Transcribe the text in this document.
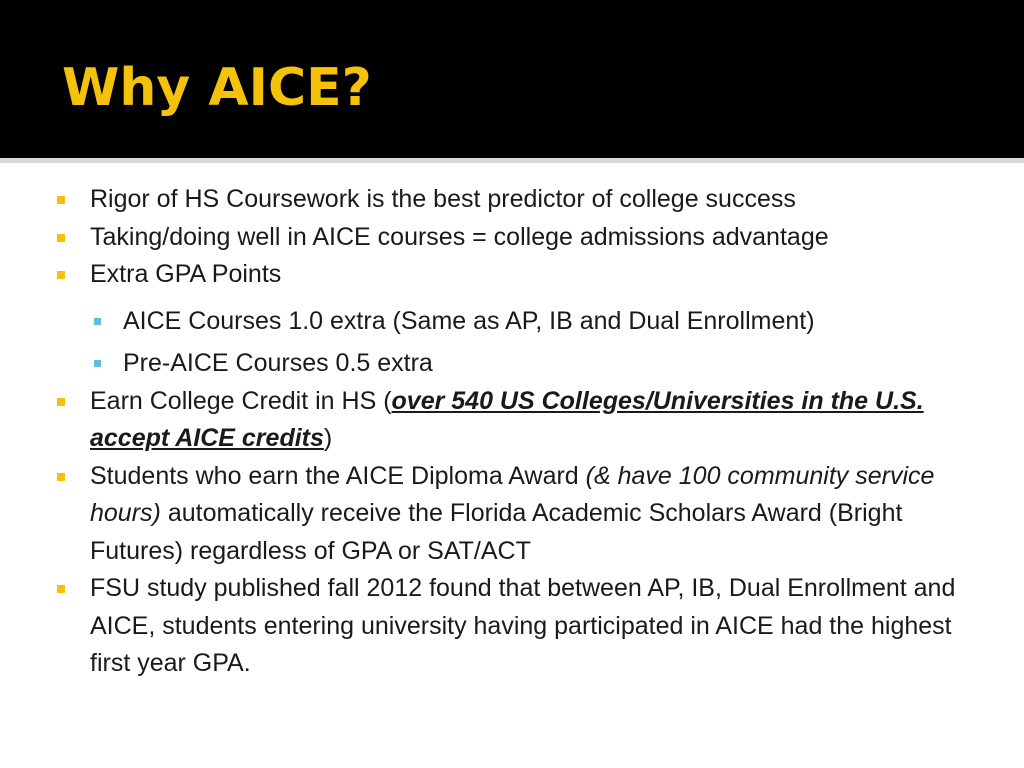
Why AICE?
Rigor of HS Coursework is the best predictor of college success
Taking/doing well in AICE courses = college admissions advantage
Extra GPA Points
AICE Courses 1.0 extra (Same as AP, IB and Dual Enrollment)
Pre-AICE Courses 0.5 extra
Earn College Credit in HS (over 540 US Colleges/Universities in the U.S. accept AICE credits)
Students who earn the AICE Diploma Award (& have 100 community service hours) automatically receive the Florida Academic Scholars Award (Bright Futures) regardless of GPA or SAT/ACT
FSU study published fall 2012 found that between AP, IB, Dual Enrollment and AICE, students entering university having participated in AICE had the highest first year GPA.
